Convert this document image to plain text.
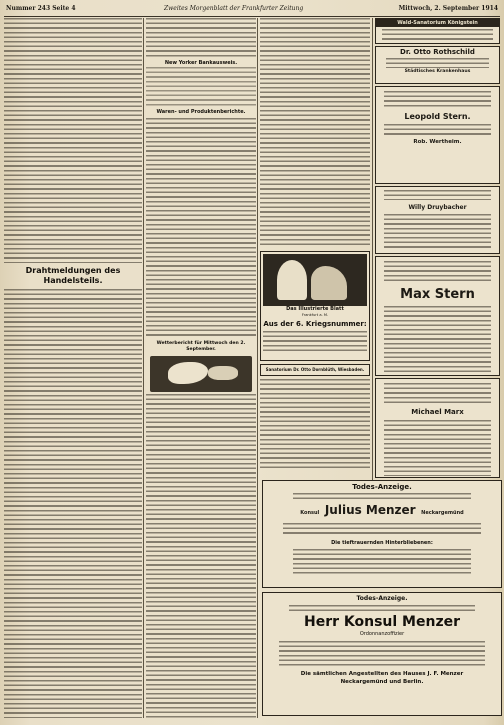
Nummer 243 Seite 4	Zweites Morgenblatt der Frankfurter Zeitung	Mittwoch, 2. September 1914
Drahtmeldungen des Handelsteils.
New Yorker Bankausweis.
Waren- und Produktenberichte.
Wetterbericht für Mittwoch den 2. September.
Das Illustrierte Blatt
Frankfurt a. M.
Aus der 6. Kriegsnummer:
Sanatorium Dr. Otto Dornblüth, Wiesbaden.
Wald-Sanatorium Königstein
Dr. Otto Rothschild
Städtisches Krankenhaus
Leopold Stern.
Rob. Wertheim.
Willy Druybacher
Max Stern
Michael Marx
Todes-Anzeige.
Konsul Julius Menzer Neckargemünd
Die tieftrauernden Hinterbliebenen:
Todes-Anzeige.
Herr Konsul Menzer
Ordonnanzoffizier
Die sämtlichen Angestellten des Hauses J. F. Menzer
Neckargemünd und Berlin.
